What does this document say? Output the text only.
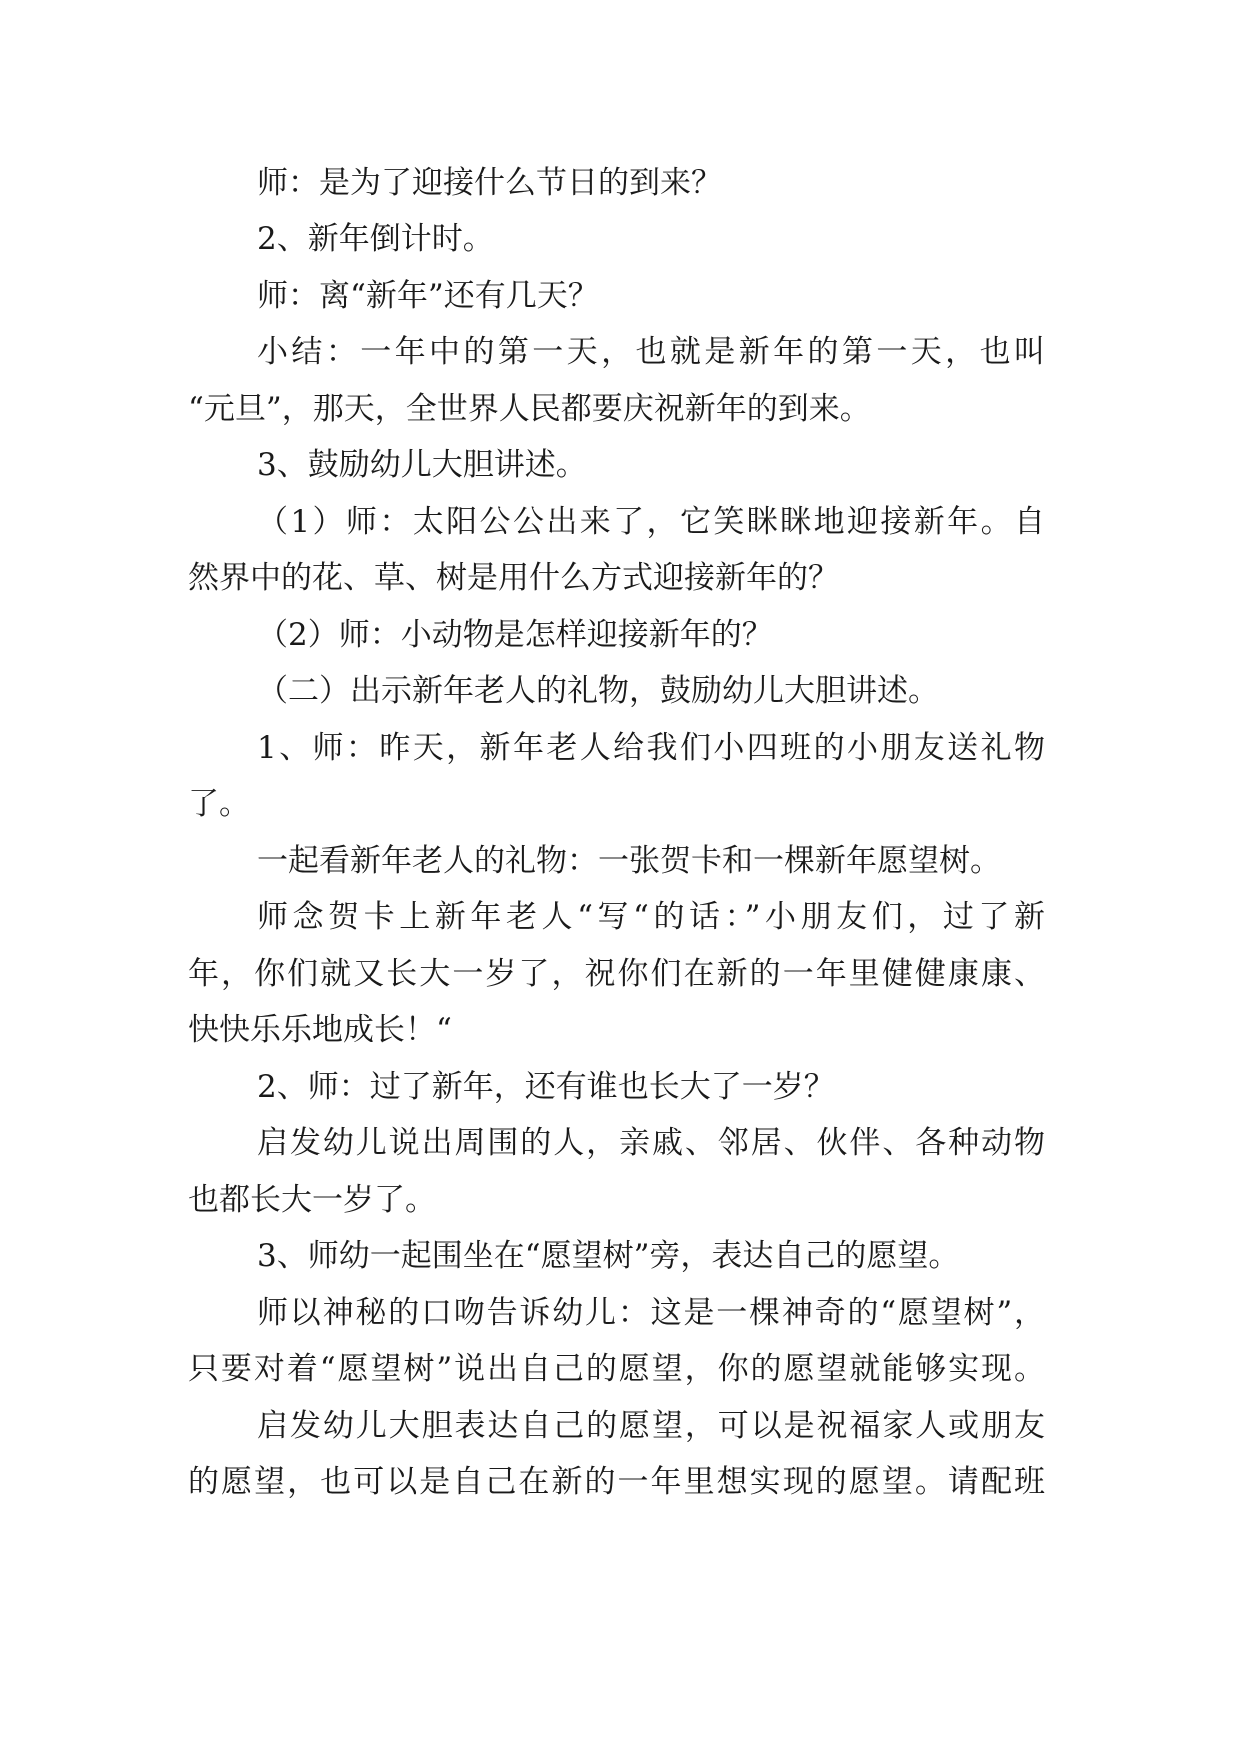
师：是为了迎接什么节日的到来？

2、新年倒计时。

师：离“新年”还有几天？

小结：一年中的第一天，也就是新年的第一天，也叫

“元旦”，那天，全世界人民都要庆祝新年的到来。

3、鼓励幼儿大胆讲述。

（1）师：太阳公公出来了，它笑眯眯地迎接新年。自

然界中的花、草、树是用什么方式迎接新年的？

（2）师：小动物是怎样迎接新年的？

（二）出示新年老人的礼物，鼓励幼儿大胆讲述。

1、师：昨天，新年老人给我们小四班的小朋友送礼物

了。

一起看新年老人的礼物：一张贺卡和一棵新年愿望树。

师念贺卡上新年老人“写“的话：”小朋友们，过了新

年，你们就又长大一岁了，祝你们在新的一年里健健康康、

快快乐乐地成长！“

2、师：过了新年，还有谁也长大了一岁？

启发幼儿说出周围的人，亲戚、邻居、伙伴、各种动物

也都长大一岁了。

3、师幼一起围坐在“愿望树”旁，表达自己的愿望。

师以神秘的口吻告诉幼儿：这是一棵神奇的“愿望树”，

只要对着“愿望树”说出自己的愿望，你的愿望就能够实现。

启发幼儿大胆表达自己的愿望，可以是祝福家人或朋友

的愿望，也可以是自己在新的一年里想实现的愿望。请配班
